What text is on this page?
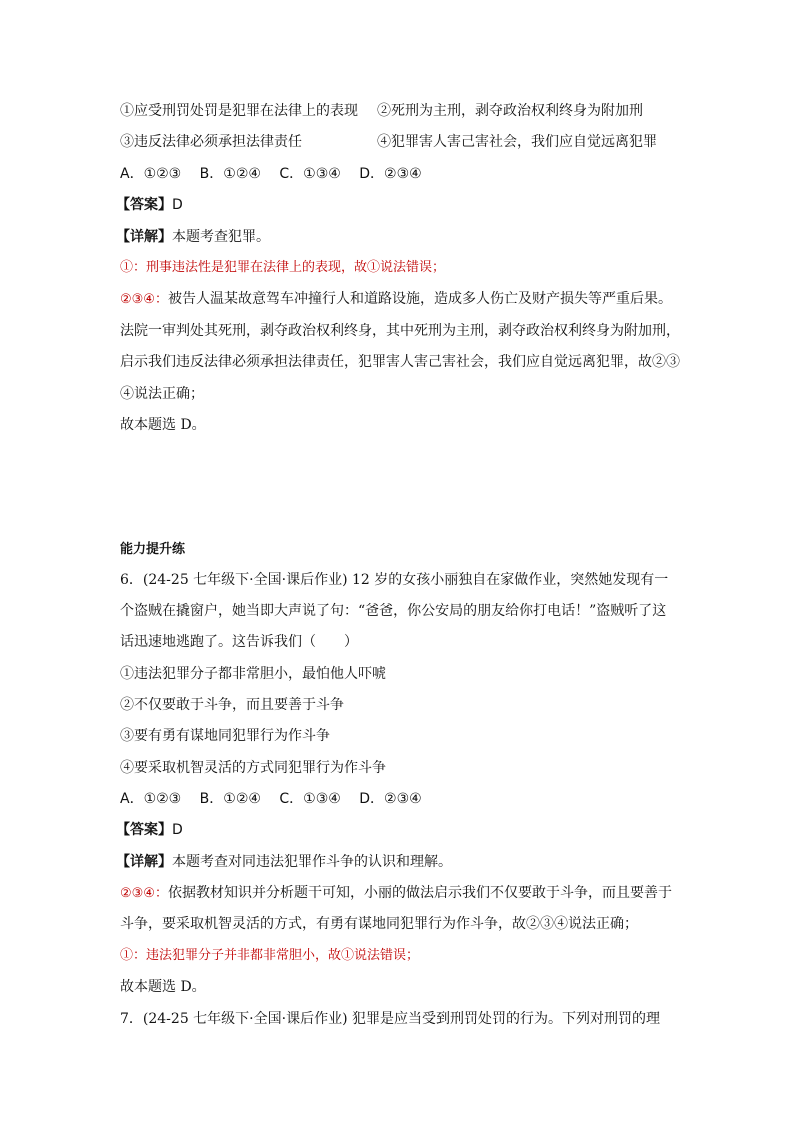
①应受刑罚处罚是犯罪在法律上的表现 ②死刑为主刑，剥夺政治权利终身为附加刑
③违反法律必须承担法律责任	④犯罪害人害己害社会，我们应自觉远离犯罪
A．①②③　 B．①②④　 C．①③④　 D．②③④
【答案】D
【详解】本题考查犯罪。
①：刑事违法性是犯罪在法律上的表现，故①说法错误；
②③④：被告人温某故意驾车冲撞行人和道路设施，造成多人伤亡及财产损失等严重后果。
法院一审判处其死刑，剥夺政治权利终身，其中死刑为主刑，剥夺政治权利终身为附加刑，
启示我们违反法律必须承担法律责任，犯罪害人害己害社会，我们应自觉远离犯罪，故②③
④说法正确；
故本题选 D。
能力提升练
6．(24-25 七年级下·全国·课后作业) 12 岁的女孩小丽独自在家做作业，突然她发现有一
个盗贼在撬窗户，她当即大声说了句：“爸爸，你公安局的朋友给你打电话！”盗贼听了这
话迅速地逃跑了。这告诉我们（　　）
①违法犯罪分子都非常胆小，最怕他人吓唬
②不仅要敢于斗争，而且要善于斗争
③要有勇有谋地同犯罪行为作斗争
④要采取机智灵活的方式同犯罪行为作斗争
A．①②③　 B．①②④　 C．①③④　 D．②③④
【答案】D
【详解】本题考查对同违法犯罪作斗争的认识和理解。
②③④：依据教材知识并分析题干可知，小丽的做法启示我们不仅要敢于斗争，而且要善于
斗争，要采取机智灵活的方式，有勇有谋地同犯罪行为作斗争，故②③④说法正确；
①：违法犯罪分子并非都非常胆小，故①说法错误；
故本题选 D。
7．(24-25 七年级下·全国·课后作业) 犯罪是应当受到刑罚处罚的行为。下列对刑罚的理
